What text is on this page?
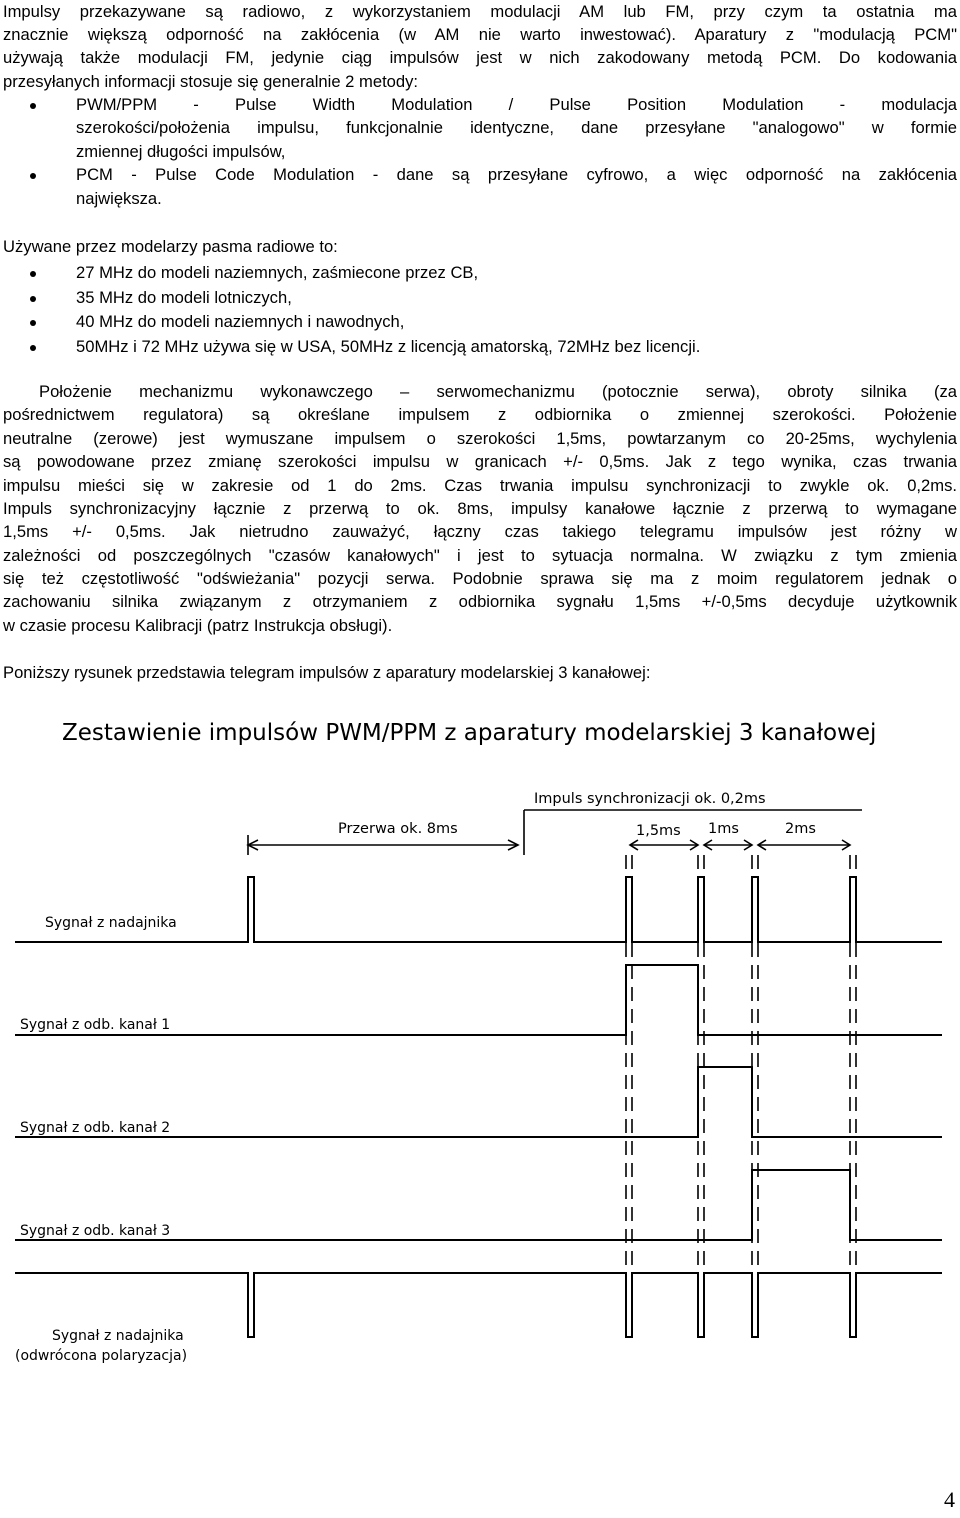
Impulsy przekazywane są radiowo, z wykorzystaniem modulacji AM lub FM, przy czym ta ostatnia ma
znacznie większą odporność na zakłócenia (w AM nie warto inwestować). Aparatury z "modulacją PCM"
używają także modulacji FM, jedynie ciąg impulsów jest w nich zakodowany metodą PCM. Do kodowania
przesyłanych informacji stosuje się generalnie 2 metody:
PWM/PPM - Pulse Width Modulation / Pulse Position Modulation - modulacja
szerokości/położenia impulsu, funkcjonalnie identyczne, dane przesyłane "analogowo" w formie
zmiennej długości impulsów,
PCM - Pulse Code Modulation - dane są przesyłane cyfrowo, a więc odporność na zakłócenia
największa.
Używane przez modelarzy pasma radiowe to:
27 MHz do modeli naziemnych, zaśmiecone przez CB,
35 MHz do modeli lotniczych,
40 MHz do modeli naziemnych i nawodnych,
50MHz i 72 MHz używa się w USA, 50MHz z licencją amatorską, 72MHz bez licencji.
Położenie mechanizmu wykonawczego – serwomechanizmu (potocznie serwa), obroty silnika (za
pośrednictwem regulatora) są określane impulsem z odbiornika o zmiennej szerokości. Położenie
neutralne (zerowe) jest wymuszane impulsem o szerokości 1,5ms, powtarzanym co 20-25ms, wychylenia
są powodowane przez zmianę szerokości impulsu w granicach +/- 0,5ms. Jak z tego wynika, czas trwania
impulsu mieści się w zakresie od 1 do 2ms. Czas trwania impulsu synchronizacji to zwykle ok. 0,2ms.
Impuls synchronizacyjny łącznie z przerwą to ok. 8ms, impulsy kanałowe łącznie z przerwą to wymagane
1,5ms +/- 0,5ms. Jak nietrudno zauważyć, łączny czas takiego telegramu impulsów jest różny w
zależności od poszczególnych "czasów kanałowych" i jest to sytuacja normalna. W związku z tym zmienia
się też częstotliwość "odświeżania" pozycji serwa. Podobnie sprawa się ma z moim regulatorem jednak o
zachowaniu silnika związanym z otrzymaniem z odbiornika sygnału 1,5ms +/-0,5ms decyduje użytkownik
w czasie procesu Kalibracji (patrz Instrukcja obsługi).
Poniższy rysunek przedstawia telegram impulsów z aparatury modelarskiej 3 kanałowej:
Zestawienie impulsów PWM/PPM z aparatury modelarskiej 3 kanałowej
Impuls synchronizacji ok. 0,2ms
Przerwa ok. 8ms	1,5ms 1ms	2ms
Sygnał z nadajnika
Sygnał z odb. kanał 1
Sygnał z odb. kanał 2
Sygnał z odb. kanał 3
Sygnał z nadajnika
(odwrócona polaryzacja)
4
